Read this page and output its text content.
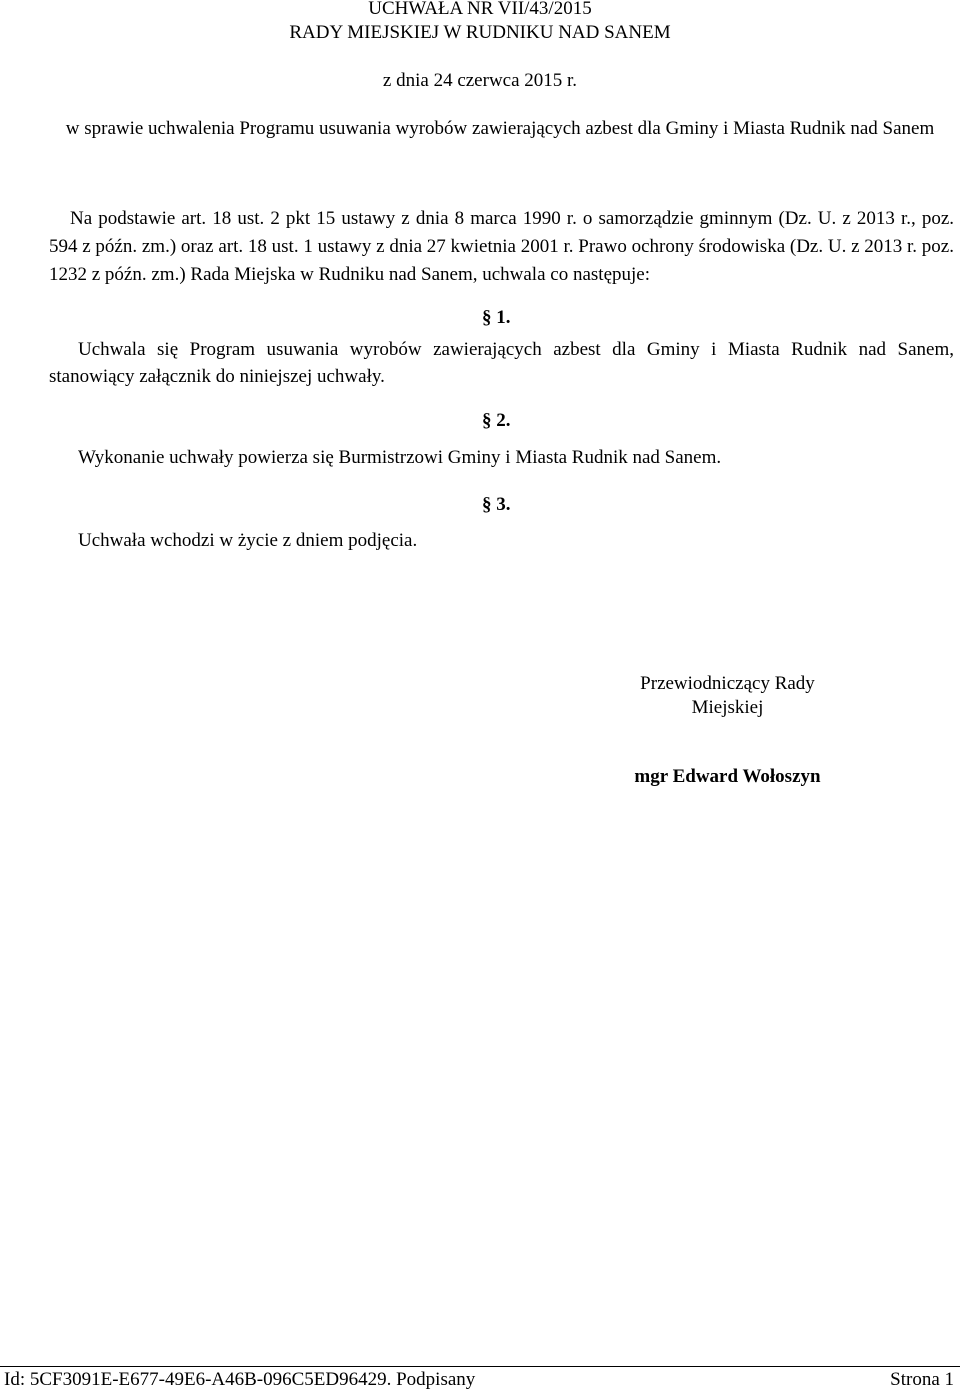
UCHWAŁA NR VII/43/2015
RADY MIEJSKIEJ W RUDNIKU NAD SANEM
z dnia 24 czerwca 2015 r.
w sprawie uchwalenia Programu usuwania wyrobów zawierających azbest dla Gminy i Miasta Rudnik nad Sanem
Na podstawie art. 18 ust. 2 pkt 15 ustawy z dnia 8 marca 1990 r. o samorządzie gminnym (Dz. U. z 2013 r., poz. 594 z późn. zm.) oraz art. 18 ust. 1 ustawy z dnia 27 kwietnia 2001 r. Prawo ochrony środowiska (Dz. U. z 2013 r. poz. 1232 z późn. zm.) Rada Miejska w Rudniku nad Sanem, uchwala co następuje:
§ 1.
Uchwala się Program usuwania wyrobów zawierających azbest dla Gminy i Miasta Rudnik nad Sanem, stanowiący załącznik do niniejszej uchwały.
§ 2.
Wykonanie uchwały powierza się Burmistrzowi Gminy i Miasta Rudnik nad Sanem.
§ 3.
Uchwała wchodzi w życie z dniem podjęcia.
Przewiodniczący Rady
Miejskiej
mgr Edward Wołoszyn
Id: 5CF3091E-E677-49E6-A46B-096C5ED96429. Podpisany	Strona 1
